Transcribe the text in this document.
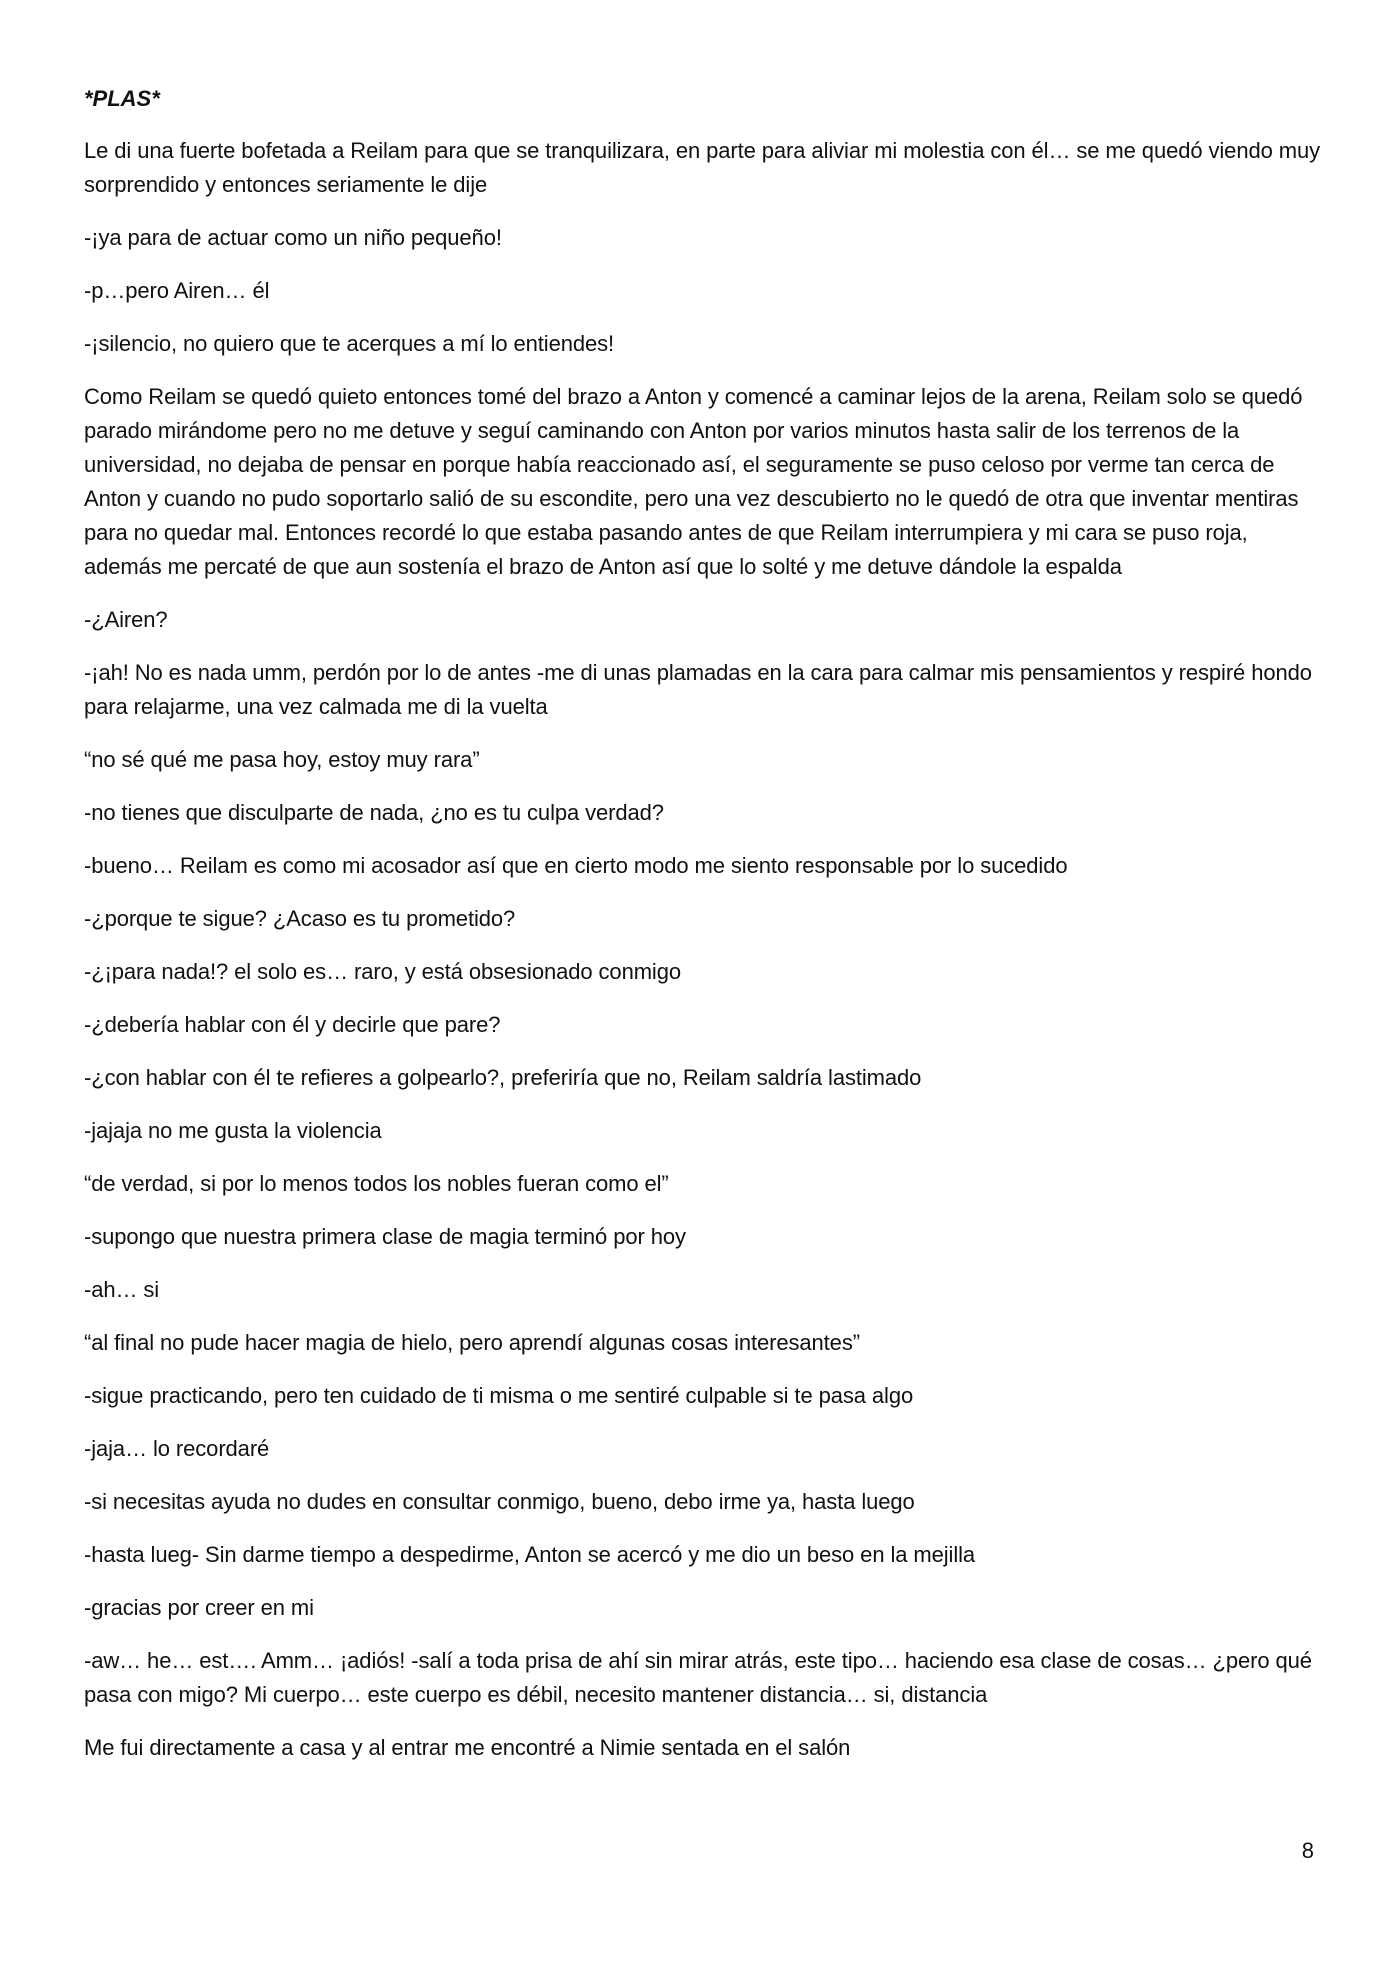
*PLAS*

Le di una fuerte bofetada a Reilam para que se tranquilizara, en parte para aliviar mi molestia con él… se me quedó viendo muy sorprendido y entonces seriamente le dije

-¡ya para de actuar como un niño pequeño!

-p…pero Airen… él

-¡silencio, no quiero que te acerques a mí lo entiendes!

Como Reilam se quedó quieto entonces tomé del brazo a Anton y comencé a caminar lejos de la arena, Reilam solo se quedó parado mirándome pero no me detuve y seguí caminando con Anton por varios minutos hasta salir de los terrenos de la universidad, no dejaba de pensar en porque había reaccionado así, el seguramente se puso celoso por verme tan cerca de Anton y cuando no pudo soportarlo salió de su escondite, pero una vez descubierto no le quedó de otra que inventar mentiras para no quedar mal. Entonces recordé lo que estaba pasando antes de que Reilam interrumpiera y mi cara se puso roja, además me percaté de que aun sostenía el brazo de Anton así que lo solté y me detuve dándole la espalda

-¿Airen?

-¡ah! No es nada umm, perdón por lo de antes -me di unas plamadas en la cara para calmar mis pensamientos y respiré hondo para relajarme, una vez calmada me di la vuelta

“no sé qué me pasa hoy, estoy muy rara”

-no tienes que disculparte de nada, ¿no es tu culpa verdad?

-bueno… Reilam es como mi acosador así que en cierto modo me siento responsable por lo sucedido

-¿porque te sigue? ¿Acaso es tu prometido?

-¿¡para nada!? el solo es… raro, y está obsesionado conmigo

-¿debería hablar con él y decirle que pare?

-¿con hablar con él te refieres a golpearlo?, preferiría que no, Reilam saldría lastimado

-jajaja no me gusta la violencia

“de verdad, si por lo menos todos los nobles fueran como el”

-supongo que nuestra primera clase de magia terminó por hoy

-ah… si

“al final no pude hacer magia de hielo, pero aprendí algunas cosas interesantes”

-sigue practicando, pero ten cuidado de ti misma o me sentiré culpable si te pasa algo

-jaja… lo recordaré

-si necesitas ayuda no dudes en consultar conmigo, bueno, debo irme ya, hasta luego

-hasta lueg- Sin darme tiempo a despedirme, Anton se acercó y me dio un beso en la mejilla

-gracias por creer en mi

-aw… he… est…. Amm… ¡adiós! -salí a toda prisa de ahí sin mirar atrás, este tipo… haciendo esa clase de cosas… ¿pero qué pasa con migo? Mi cuerpo… este cuerpo es débil, necesito mantener distancia… si, distancia

Me fui directamente a casa y al entrar me encontré a Nimie sentada en el salón

8
